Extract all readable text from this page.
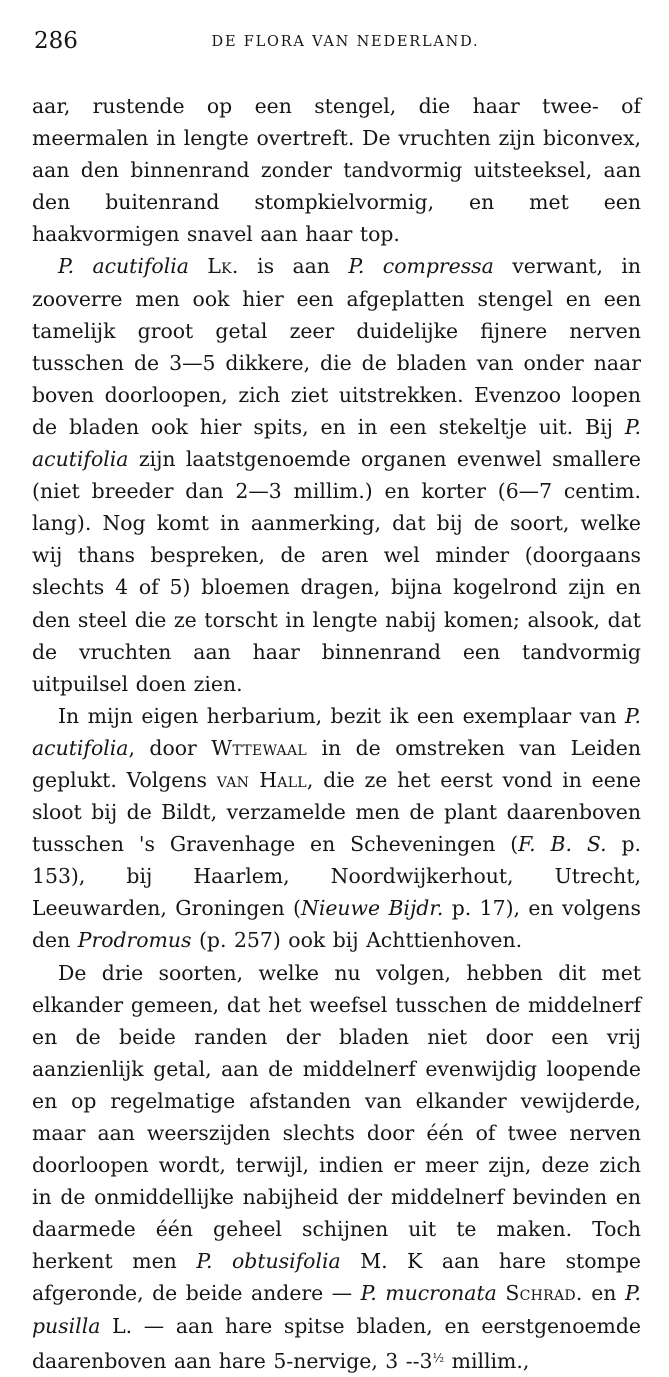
286	DE FLORA VAN NEDERLAND.

aar, rustende op een stengel, die haar twee- of meermalen in lengte overtreft. De vruchten zijn biconvex, aan den binnenrand zonder tandvormig uitsteeksel, aan den buitenrand stompkielvormig, en met een haakvormigen snavel aan haar top.

P. acutifolia Lk. is aan P. compressa verwant, in zooverre men ook hier een afgeplatten stengel en een tamelijk groot getal zeer duidelijke fijnere nerven tusschen de 3—5 dikkere, die de bladen van onder naar boven doorloopen, zich ziet uitstrekken. Evenzoo loopen de bladen ook hier spits, en in een stekeltje uit. Bij P. acutifolia zijn laatstgenoemde organen evenwel smallere (niet breeder dan 2—3 millim.) en korter (6—7 centim. lang). Nog komt in aanmerking, dat bij de soort, welke wij thans bespreken, de aren wel minder (doorgaans slechts 4 of 5) bloemen dragen, bijna kogelrond zijn en den steel die ze torscht in lengte nabij komen; alsook, dat de vruchten aan haar binnenrand een tandvormig uitpuilsel doen zien.

In mijn eigen herbarium, bezit ik een exemplaar van P. acutifolia, door Wttewaal in de omstreken van Leiden geplukt. Volgens van Hall, die ze het eerst vond in eene sloot bij de Bildt, verzamelde men de plant daarenboven tusschen 's Gravenhage en Scheveningen (F. B. S. p. 153), bij Haarlem, Noordwijkerhout, Utrecht, Leeuwarden, Groningen (Nieuwe Bijdr. p. 17), en volgens den Prodromus (p. 257) ook bij Achttienhoven.

De drie soorten, welke nu volgen, hebben dit met elkander gemeen, dat het weefsel tusschen de middelnerf en de beide randen der bladen niet door een vrij aanzienlijk getal, aan de middelnerf evenwijdig loopende en op regelmatige afstanden van elkander vewijderde, maar aan weerszijden slechts door één of twee nerven doorloopen wordt, terwijl, indien er meer zijn, deze zich in de onmiddellijke nabijheid der middelnerf bevinden en daarmede één geheel schijnen uit te maken. Toch herkent men P. obtusifolia M. K aan hare stompe afgeronde, de beide andere — P. mucronata Schrad. en P. pusilla L. — aan hare spitse bladen, en eerstgenoemde daarenboven aan hare 5-nervige, 3 $--3^{\frac{1}{2}}$ millim.,
